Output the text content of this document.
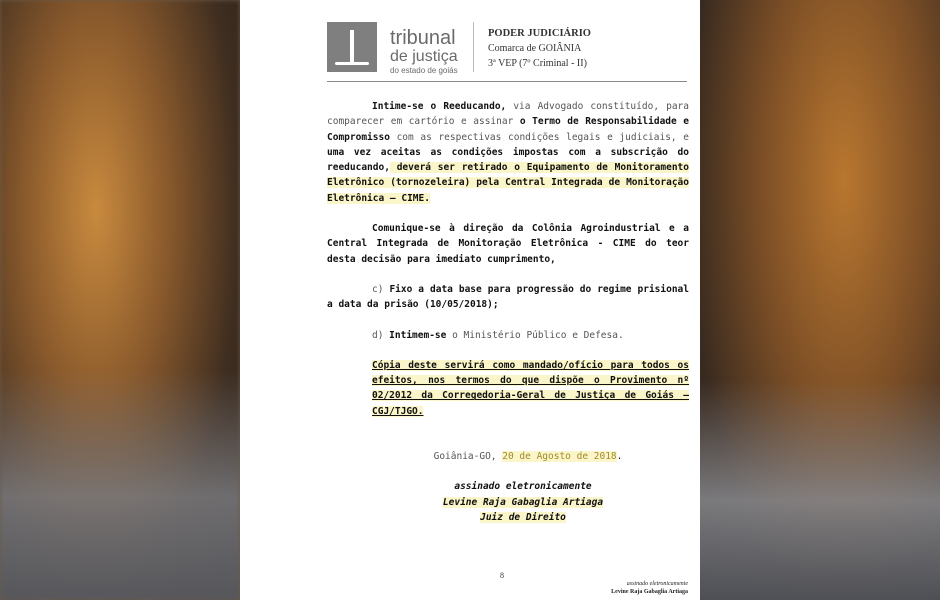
tribunal
de justiça
do estado de goiás
PODER JUDICIÁRIO
Comarca de GOIÂNIA
3ª VEP (7º Criminal - II)

Intime-se o Reeducando, via Advogado constituído, para comparecer em cartório e assinar o Termo de Responsabilidade e Compromisso com as respectivas condições legais e judiciais, e uma vez aceitas as condições impostas com a subscrição do reeducando, deverá ser retirado o Equipamento de Monitoramento Eletrônico (tornozeleira) pela Central Integrada de Monitoração Eletrônica – CIME.

Comunique-se à direção da Colônia Agroindustrial e a Central Integrada de Monitoração Eletrônica - CIME do teor desta decisão para imediato cumprimento,

c) Fixo a data base para progressão do regime prisional a data da prisão (10/05/2018);

d) Intimem-se o Ministério Público e Defesa.

Cópia deste servirá como mandado/ofício para todos os efeitos, nos termos do que dispõe o Provimento nº 02/2012 da Corregedoria-Geral de Justiça de Goiás – CGJ/TJGO.

Goiânia-GO, 20 de Agosto de 2018.

assinado eletronicamente

Levine Raja Gabaglia Artiaga

Juiz de Direito

8
assinado eletronicamente
Levine Raja Gabaglia Artiaga
